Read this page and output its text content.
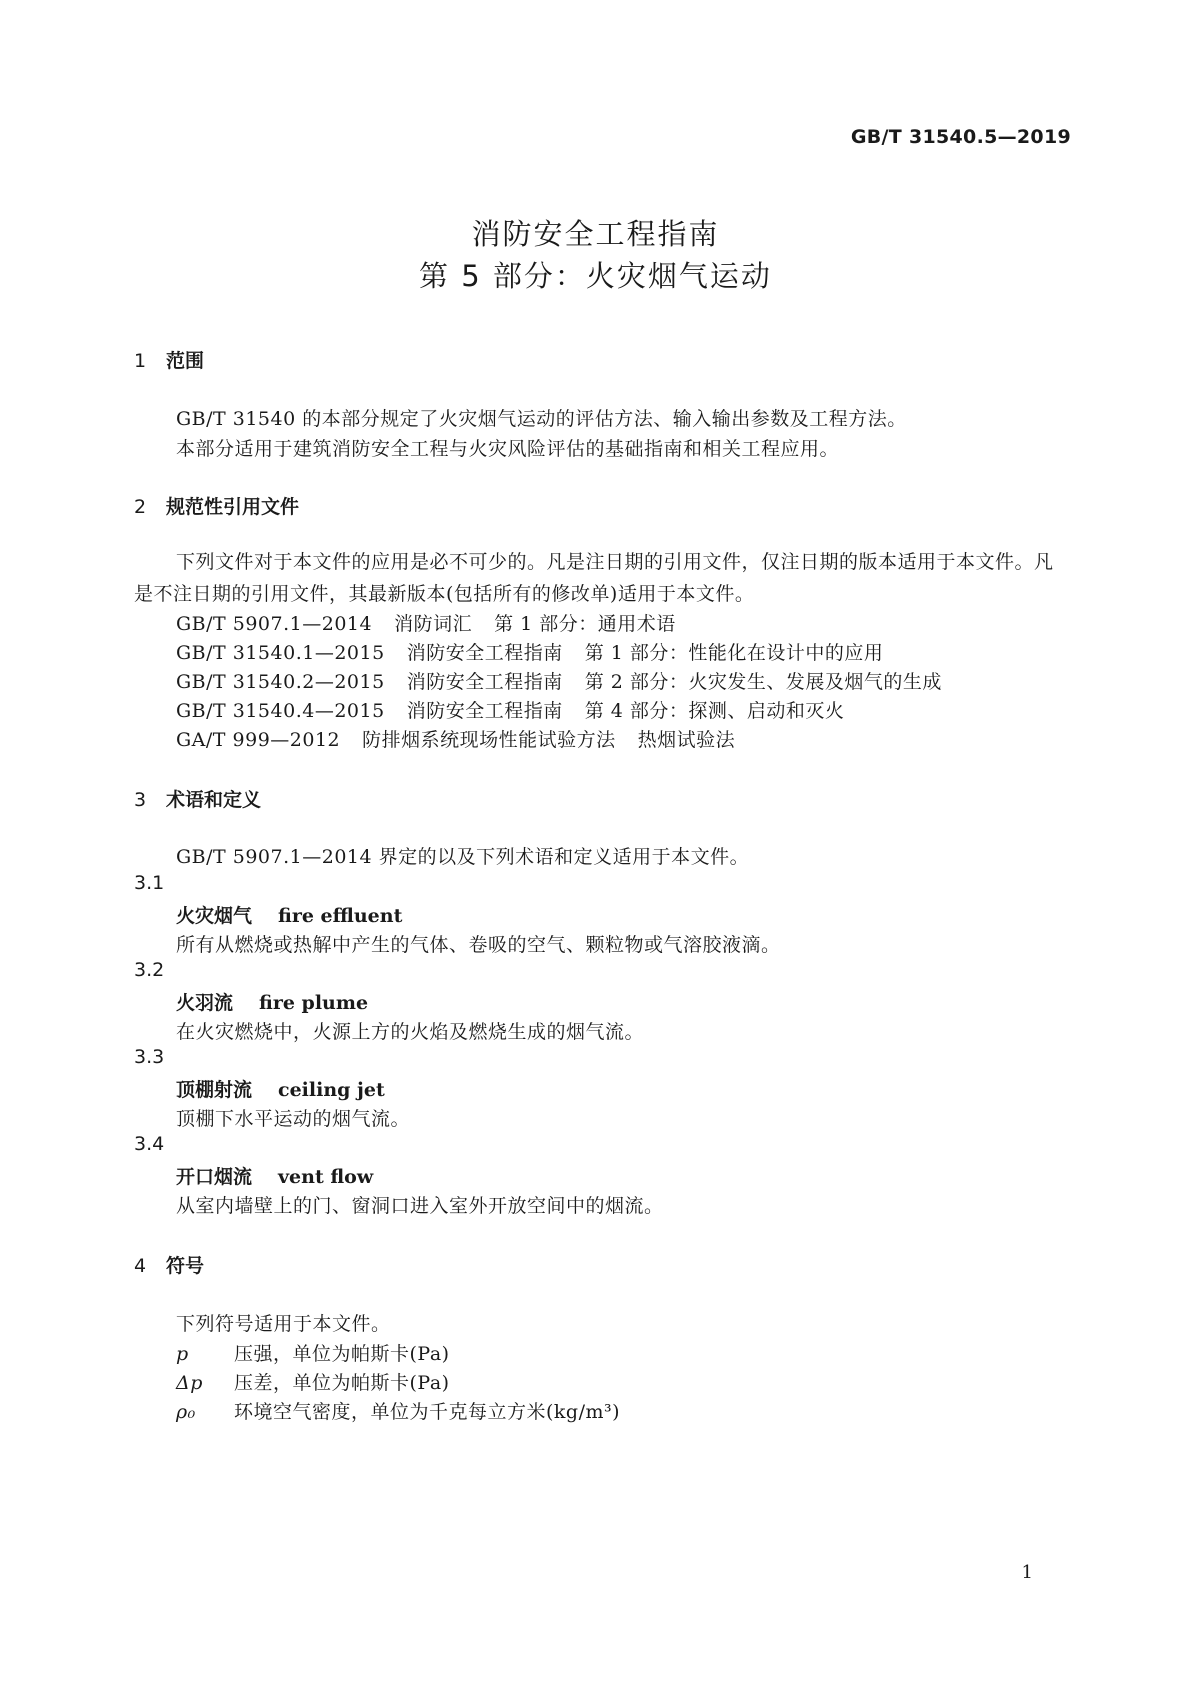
GB/T 31540.5—2019
消防安全工程指南
第 5 部分：火灾烟气运动
1 范围
GB/T 31540 的本部分规定了火灾烟气运动的评估方法、输入输出参数及工程方法。
本部分适用于建筑消防安全工程与火灾风险评估的基础指南和相关工程应用。
2 规范性引用文件
下列文件对于本文件的应用是必不可少的。凡是注日期的引用文件，仅注日期的版本适用于本文件。凡是不注日期的引用文件，其最新版本(包括所有的修改单)适用于本文件。
GB/T 5907.1—2014 消防词汇 第 1 部分：通用术语
GB/T 31540.1—2015 消防安全工程指南 第 1 部分：性能化在设计中的应用
GB/T 31540.2—2015 消防安全工程指南 第 2 部分：火灾发生、发展及烟气的生成
GB/T 31540.4—2015 消防安全工程指南 第 4 部分：探测、启动和灭火
GA/T 999—2012 防排烟系统现场性能试验方法 热烟试验法
3 术语和定义
GB/T 5907.1—2014 界定的以及下列术语和定义适用于本文件。
3.1
火灾烟气 fire effluent
所有从燃烧或热解中产生的气体、卷吸的空气、颗粒物或气溶胶液滴。
3.2
火羽流 fire plume
在火灾燃烧中，火源上方的火焰及燃烧生成的烟气流。
3.3
顶棚射流 ceiling jet
顶棚下水平运动的烟气流。
3.4
开口烟流 vent flow
从室内墙壁上的门、窗洞口进入室外开放空间中的烟流。
4 符号
下列符号适用于本文件。
p 压强，单位为帕斯卡(Pa)
Δp 压差，单位为帕斯卡(Pa)
ρ₀ 环境空气密度，单位为千克每立方米(kg/m³)
1
